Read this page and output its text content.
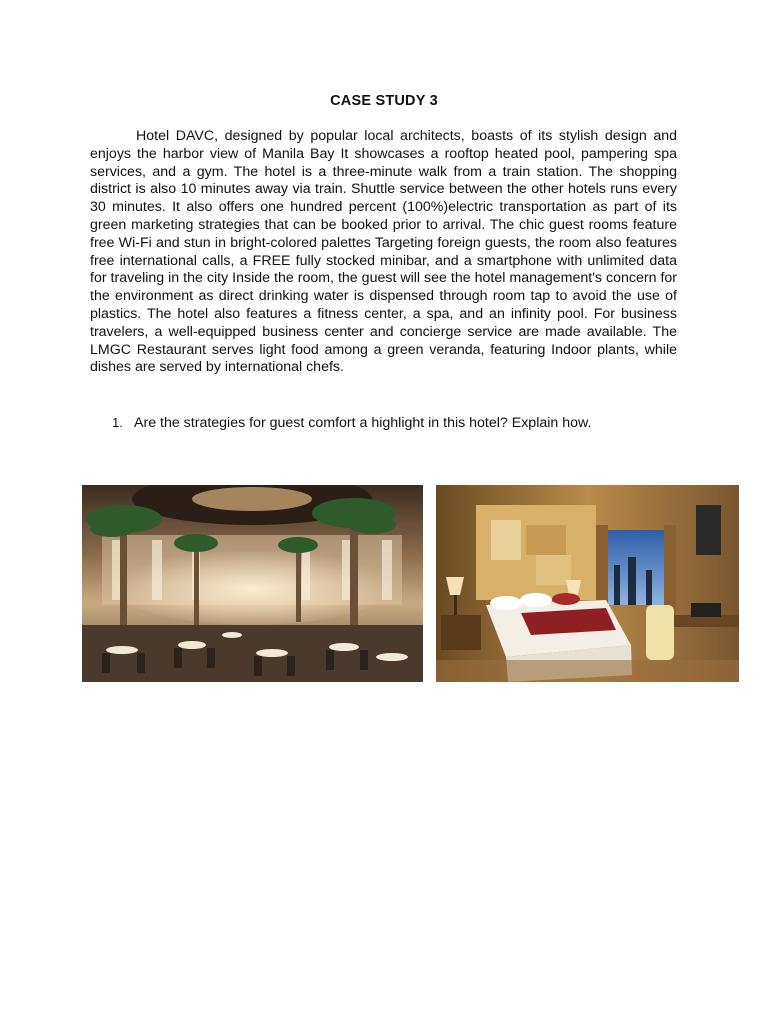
CASE STUDY 3

Hotel DAVC, designed by popular local architects, boasts of its stylish design and enjoys the harbor view of Manila Bay It showcases a rooftop heated pool, pampering spa services, and a gym. The hotel is a three-minute walk from a train station. The shopping district is also 10 minutes away via train. Shuttle service between the other hotels runs every 30 minutes. It also offers one hundred percent (100%)electric transportation as part of its green marketing strategies that can be booked prior to arrival. The chic guest rooms feature free Wi-Fi and stun in bright-colored palettes Targeting foreign guests, the room also features free international calls, a FREE fully stocked minibar, and a smartphone with unlimited data for traveling in the city Inside the room, the guest will see the hotel management's concern for the environment as direct drinking water is dispensed through room tap to avoid the use of plastics. The hotel also features a fitness center, a spa, and an infinity pool. For business travelers, a well-equipped business center and concierge service are made available. The LMGC Restaurant serves light food among a green veranda, featuring Indoor plants, while dishes are served by international chefs.

1. Are the strategies for guest comfort a highlight in this hotel? Explain how.
